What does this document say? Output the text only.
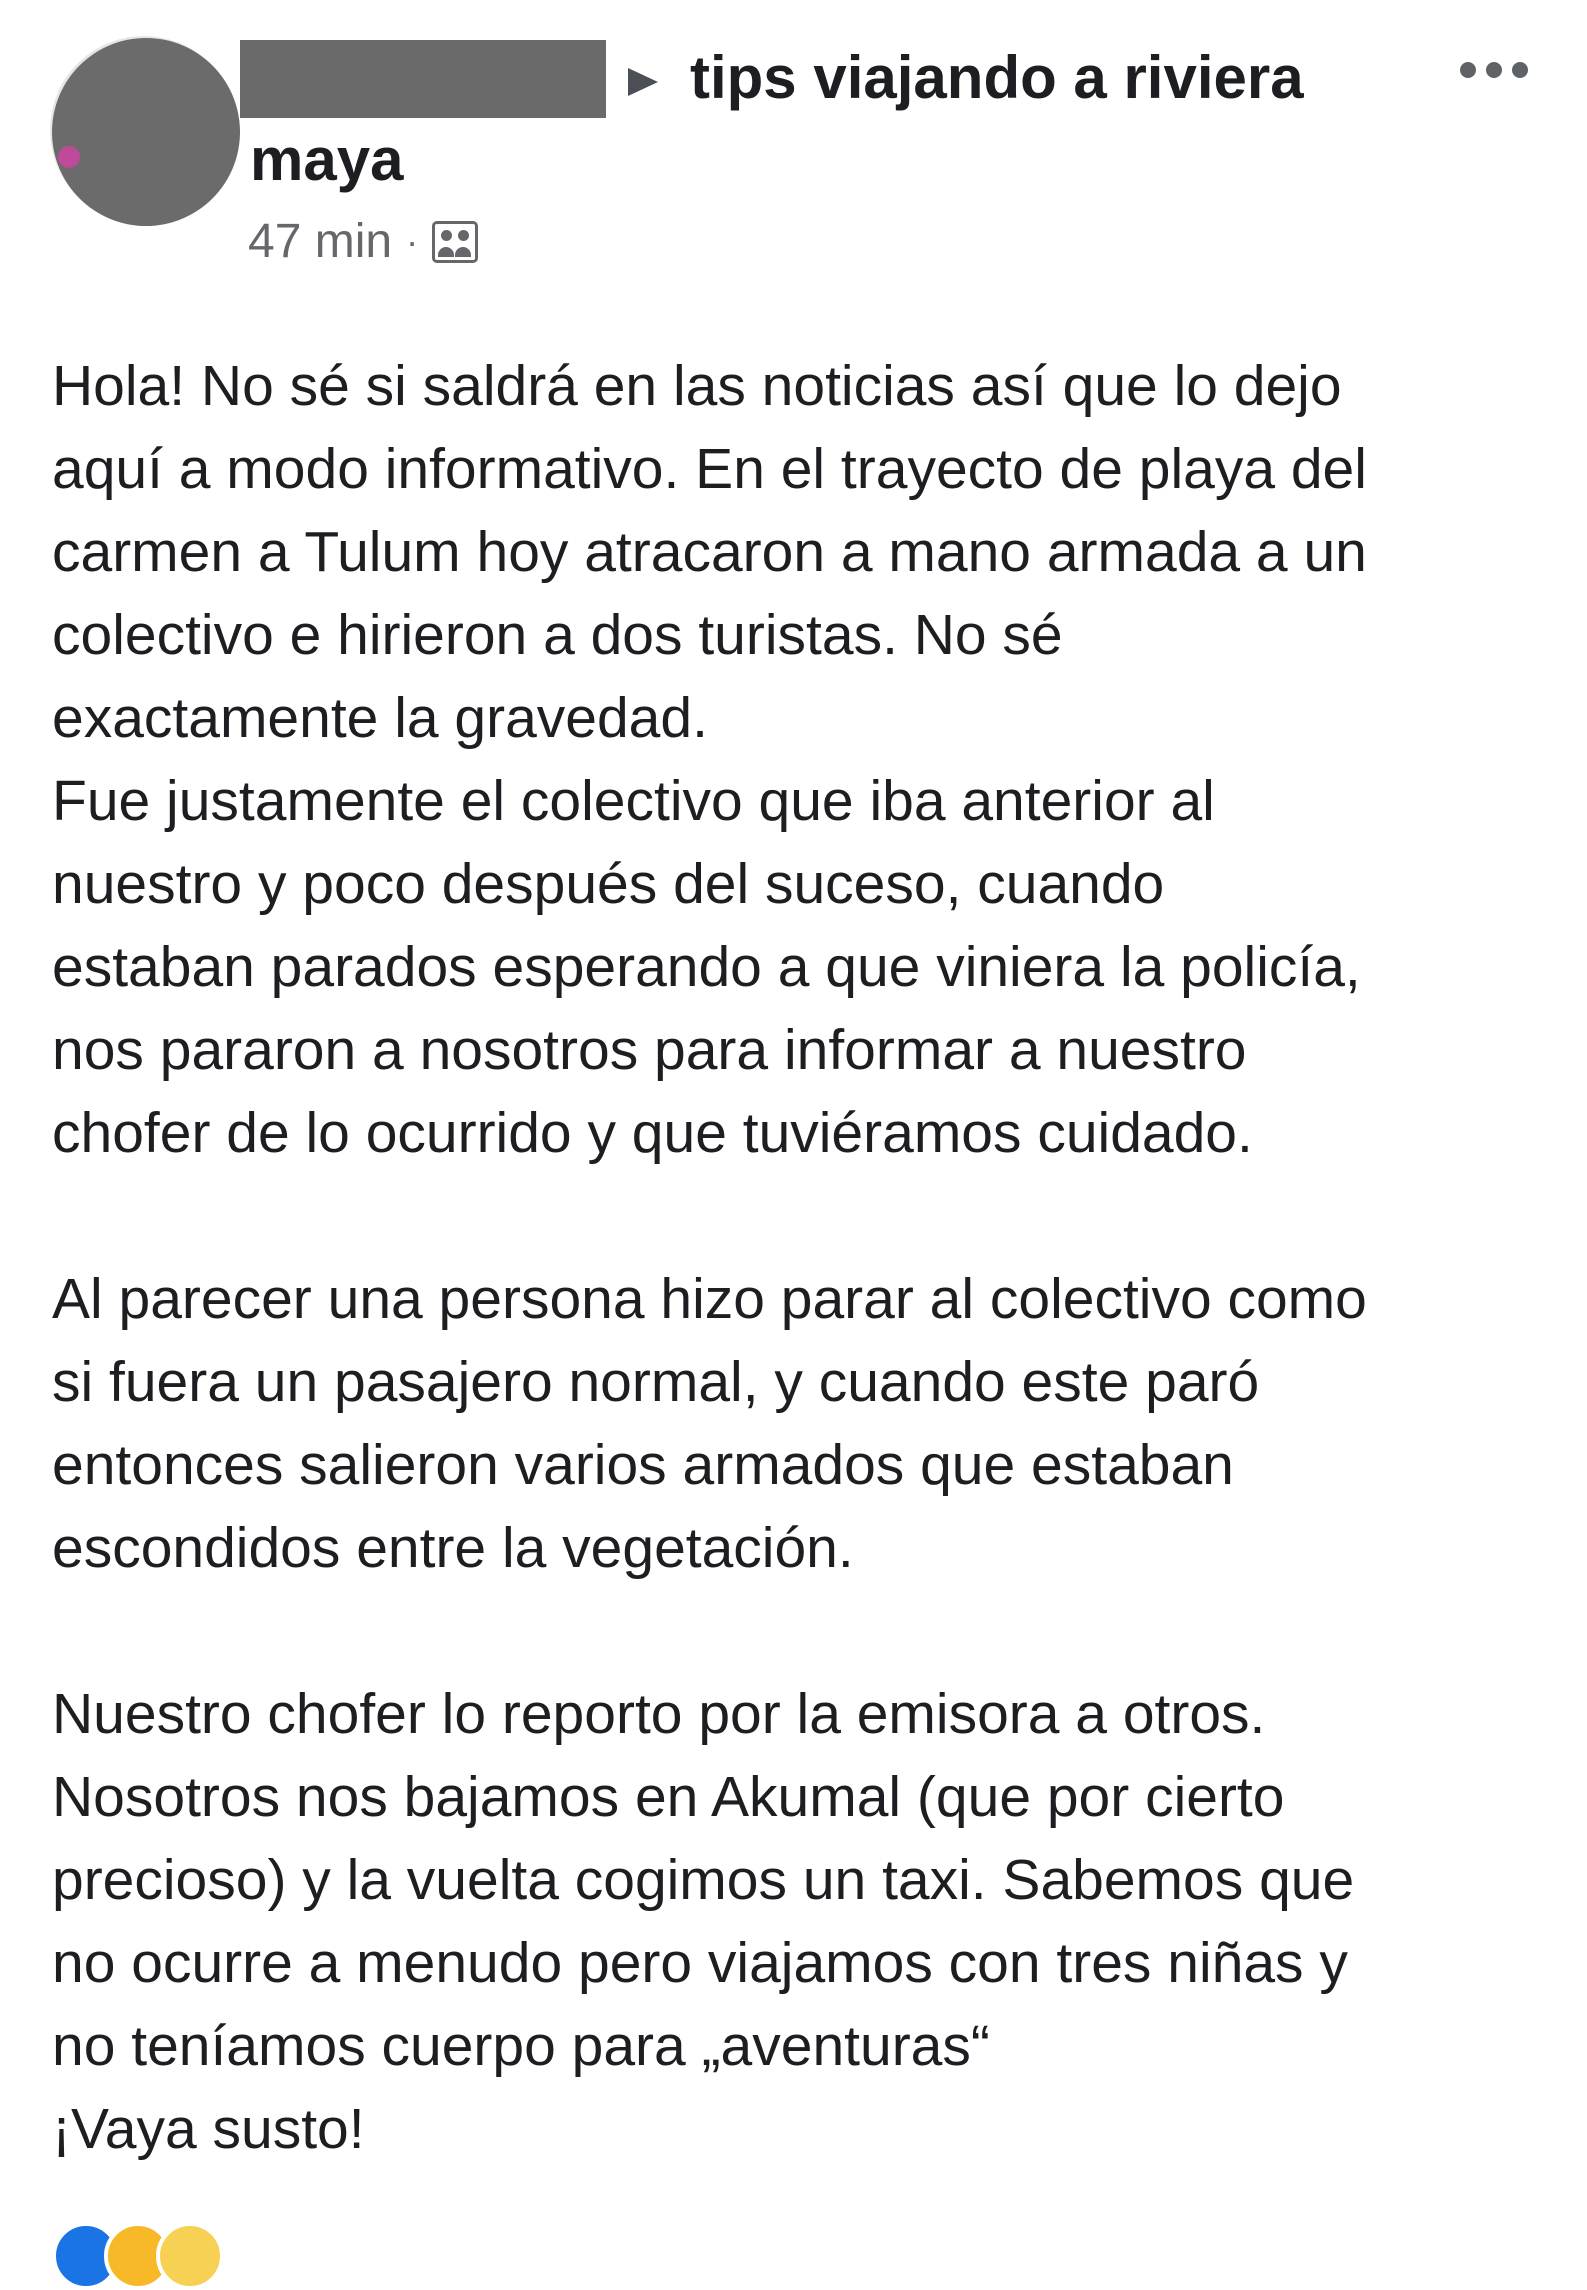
tips viajando a riviera
maya
47 min ·
Hola! No sé si saldrá en las noticias así que lo dejo
aquí a modo informativo. En el trayecto de playa del
carmen a Tulum hoy atracaron a mano armada a un
colectivo e hirieron a dos turistas. No sé
exactamente la gravedad.
Fue justamente el colectivo que iba anterior al
nuestro y poco después del suceso, cuando
estaban parados esperando a que viniera la policía,
nos pararon a nosotros para informar a nuestro
chofer de lo ocurrido y que tuviéramos cuidado.
Al parecer una persona hizo parar al colectivo como
si fuera un pasajero normal, y cuando este paró
entonces salieron varios armados que estaban
escondidos entre la vegetación.
Nuestro chofer lo reporto por la emisora a otros.
Nosotros nos bajamos en Akumal (que por cierto
precioso) y la vuelta cogimos un taxi. Sabemos que
no ocurre a menudo pero viajamos con tres niñas y
no teníamos cuerpo para „aventuras“
¡Vaya susto!
